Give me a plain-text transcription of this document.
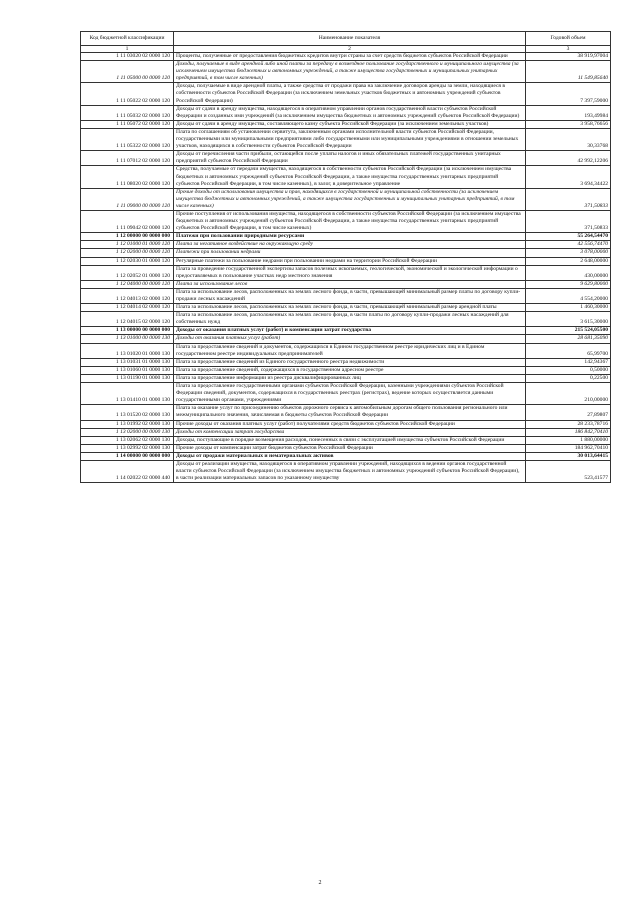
Код бюджетной классификации	Наименование показателя	Годовой объем
1	2	3
1 11 03020 02 0000 120	Проценты, полученные от предоставления бюджетных кредитов внутри страны за счет средств бюджетов субъектов Российской Федерации	38 919,97004
1 11 05000 00 0000 120	Доходы, получаемые в виде арендной либо иной платы за передачу в возмездное пользование государственного и муниципального имущества (за исключением имущества бюджетных и автономных учреждений, а также имущества государственных и муниципальных унитарных предприятий, в том числе казенных)	11 549,85640
1 11 05022 02 0000 120	Доходы, получаемые в виде арендной платы, а также средства от продажи права на заключение договоров аренды за земли, находящиеся в собственности субъектов Российской Федерации (за исключением земельных участков бюджетных и автономных учреждений субъектов Российской Федерации)	7 397,59000
1 11 05032 02 0000 120	Доходы от сдачи в аренду имущества, находящегося в оперативном управлении органов государственной власти субъектов Российской Федерации и созданных ими учреждений (за исключением имущества бюджетных и автономных учреждений субъектов Российской Федерации)	193,49984
1 11 05072 02 0000 120	Доходы от сдачи в аренду имущества, составляющего казну субъекта Российской Федерации (за исключением земельных участков)	3 958,76656
1 11 05322 02 0000 120	Плата по соглашениям об установлении сервитута, заключенным органами исполнительной власти субъектов Российской Федерации, государственными или муниципальными предприятиями либо государственными или муниципальными учреждениями в отношении земельных участков, находящихся в собственности субъектов Российской Федерации	30,33768
1 11 07012 02 0000 120	Доходы от перечисления части прибыли, остающейся после уплаты налогов и иных обязательных платежей государственных унитарных предприятий субъектов Российской Федерации	42 992,12206
1 11 08020 02 0000 120	Средства, получаемые от передачи имущества, находящегося в собственности субъектов Российской Федерации (за исключением имущества бюджетных и автономных учреждений субъектов Российской Федерации, а также имущества государственных унитарных предприятий субъектов Российской Федерации, в том числе казенных), в залог, в доверительное управление	3 694,34422
1 11 09000 00 0000 120	Прочие доходы от использования имущества и прав, находящихся в государственной и муниципальной собственности (за исключением имущества бюджетных и автономных учреждений, а также имущества государственных и муниципальных унитарных предприятий, в том числе казенных)	371,50833
1 11 09042 02 0000 120	Прочие поступления от использования имущества, находящегося в собственности субъектов Российской Федерации (за исключением имущества бюджетных и автономных учреждений субъектов Российской Федерации, а также имущества государственных унитарных предприятий субъектов Российской Федерации, в том числе казенных)	371,50833
1 12 00000 00 0000 000	Платежи при пользовании природными ресурсами	55 264,54470
1 12 01000 01 0000 120	Плата за негативное воздействие на окружающую среду	42 556,74470
1 12 02000 00 0000 120	Платежи при пользовании недрами	3 078,00000
1 12 02030 01 0000 120	Регулярные платежи за пользование недрами при пользовании недрами на территории Российской Федерации	2 648,00000
1 12 02052 01 0000 120	Плата за проведение государственной экспертизы запасов полезных ископаемых, геологической, экономической и экологической информации о предоставляемых в пользование участках недр местного значения	430,00000
1 12 04000 00 0000 120	Плата за использование лесов	9 629,80000
1 12 04013 02 0000 120	Плата за использование лесов, расположенных на землях лесного фонда, в части, превышающей минимальный размер платы по договору купли-продажи лесных насаждений	4 554,20000
1 12 04014 02 0000 120	Плата за использование лесов, расположенных на землях лесного фонда, в части, превышающей минимальный размер арендной платы	1 460,30000
1 12 04015 02 0000 120	Плата за использование лесов, расположенных на землях лесного фонда, в части платы по договору купли-продажи лесных насаждений для собственных нужд	3 615,30000
1 13 00000 00 0000 000	Доходы от оказания платных услуг (работ) и компенсации затрат государства	215 524,05500
1 13 01000 00 0000 130	Доходы от оказания платных услуг (работ)	28 681,35090
1 13 01020 01 0000 130	Плата за предоставление сведений и документов, содержащихся в Едином государственном реестре юридических лиц и в Едином государственном реестре индивидуальных предпринимателей	65,99700
1 13 01031 01 0000 130	Плата за предоставление сведений из Единого государственного реестра недвижимости	142,94367
1 13 01060 01 0000 130	Плата за предоставление сведений, содержащихся в государственном адресном реестре	0,50000
1 13 01190 01 0000 130	Плата за предоставление информации из реестра дисквалифицированных лиц	0,22500
1 13 01410 01 0000 130	Плата за предоставление государственными органами субъектов Российской Федерации, казенными учреждениями субъектов Российской Федерации сведений, документов, содержащихся в государственных реестрах (регистрах), ведение которых осуществляется данными государственными органами, учреждениями	210,00000
1 13 01520 02 0000 130	Плата за оказание услуг по присоединению объектов дорожного сервиса к автомобильным дорогам общего пользования регионального или межмуниципального значения, зачисляемая в бюджеты субъектов Российской Федерации	27,89807
1 13 01992 02 0000 130	Прочие доходы от оказания платных услуг (работ) получателями средств бюджетов субъектов Российской Федерации	28 233,78716
1 13 02000 00 0000 130	Доходы от компенсации затрат государства	186 842,70410
1 13 02062 02 0000 130	Доходы, поступающие в порядке возмещения расходов, понесенных в связи с эксплуатацией имущества субъектов Российской Федерации	1 880,00000
1 13 02992 02 0000 130	Прочие доходы от компенсации затрат бюджетов субъектов Российской Федерации	184 962,70410
1 14 00000 00 0000 000	Доходы от продажи материальных и нематериальных активов	30 013,64415
1 14 02022 02 0000 440	Доходы от реализации имущества, находящегося в оперативном управлении учреждений, находящихся в ведении органов государственной власти субъектов Российской Федерации (за исключением имущества бюджетных и автономных учреждений субъектов Российской Федерации), в части реализации материальных запасов по указанному имуществу	523,41577
2
